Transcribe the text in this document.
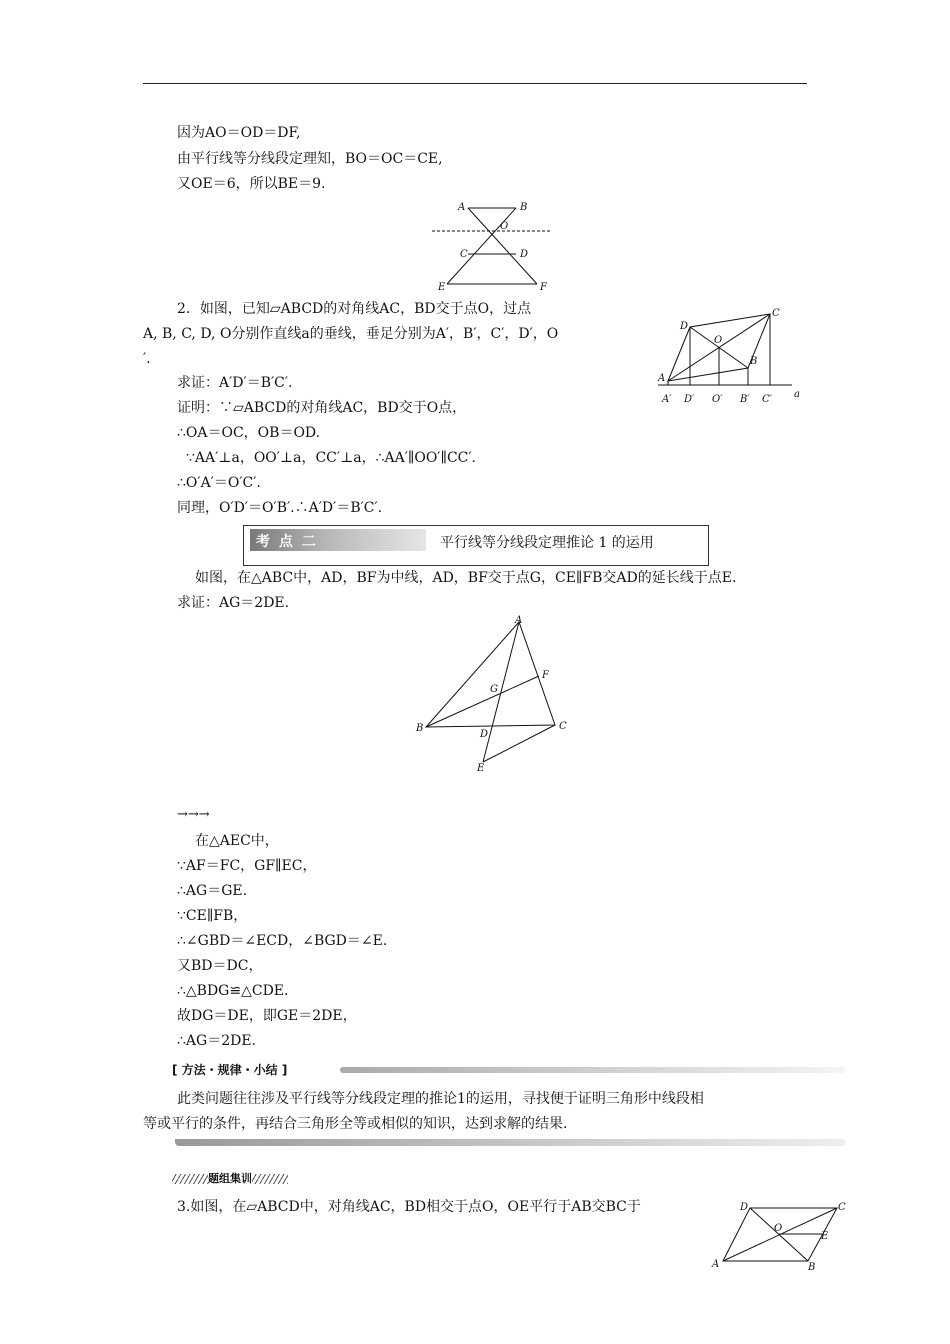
因为AO＝OD＝DF,
由平行线等分线段定理知，BO＝OC＝CE,
又OE＝6，所以BE＝9.
A	B
O
C	D
E	F
2．如图，已知▱ABCD的对角线AC，BD交于点O，过点
A, B, C, D, O分别作直线a的垂线，垂足分别为A′，B′，C′，D′，O
′.
求证：A′D′＝B′C′.
证明：∵▱ABCD的对角线AC，BD交于O点，
∴OA＝OC，OB＝OD.
∵AA′⊥a，OO′⊥a，CC′⊥a，∴AA′∥OO′∥CC′.
∴O′A′＝O′C′.
同理，O′D′＝O′B′.∴A′D′＝B′C′.
A
B
C
D
O
A′ D′ O′ B′ C′ a
考 点 二	平行线等分线段定理推论 1 的运用
如图，在△ABC中，AD，BF为中线，AD，BF交于点G，CE∥FB交AD的延长线于点E.
求证：AG＝2DE.
A
B	C
D
E
F
G
→→→
在△AEC中，
∵AF＝FC，GF∥EC，
∴AG＝GE.
∵CE∥FB，
∴∠GBD＝∠ECD，∠BGD＝∠E.
又BD＝DC，
∴△BDG≌△CDE.
故DG＝DE，即GE＝2DE，
∴AG＝2DE.
[ 方法・规律・小结 ]
此类问题往往涉及平行线等分线段定理的推论1的运用，寻找便于证明三角形中线段相
等或平行的条件，再结合三角形全等或相似的知识，达到求解的结果.
题组集训
3.如图，在▱ABCD中，对角线AC，BD相交于点O，OE平行于AB交BC于
A	B
C
D
O
E
